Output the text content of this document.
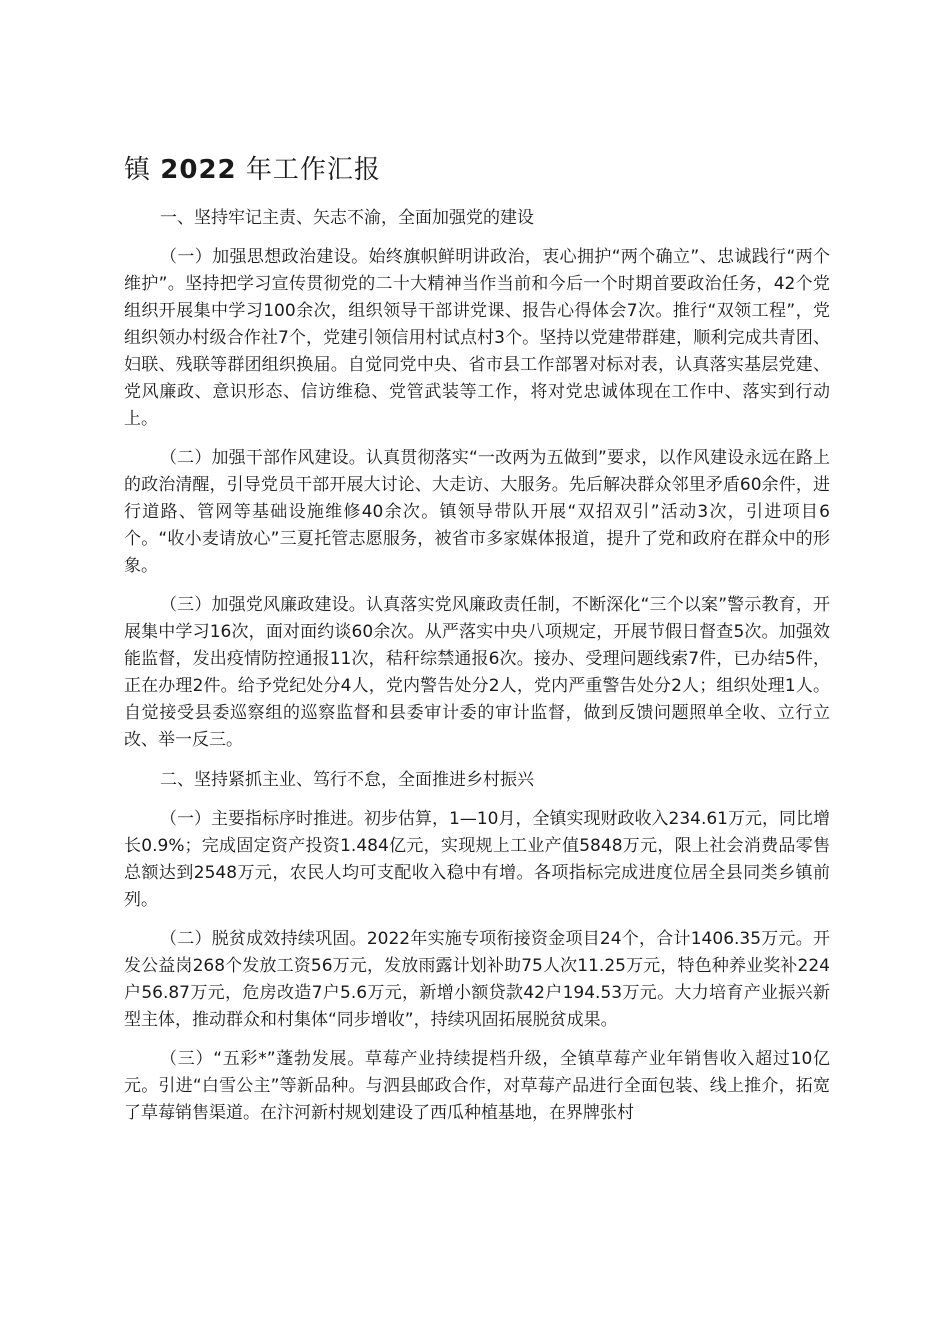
镇 2022 年工作汇报
一、坚持牢记主责、矢志不渝，全面加强党的建设

（一）加强思想政治建设。始终旗帜鲜明讲政治，衷心拥护“两个确立”、忠诚践行“两个维护”。坚持把学习宣传贯彻党的二十大精神当作当前和今后一个时期首要政治任务，42个党组织开展集中学习100余次，组织领导干部讲党课、报告心得体会7次。推行“双领工程”，党组织领办村级合作社7个，党建引领信用村试点村3个。坚持以党建带群建，顺利完成共青团、妇联、残联等群团组织换届。自觉同党中央、省市县工作部署对标对表，认真落实基层党建、党风廉政、意识形态、信访维稳、党管武装等工作，将对党忠诚体现在工作中、落实到行动上。

（二）加强干部作风建设。认真贯彻落实“一改两为五做到”要求，以作风建设永远在路上的政治清醒，引导党员干部开展大讨论、大走访、大服务。先后解决群众邻里矛盾60余件，进行道路、管网等基础设施维修40余次。镇领导带队开展“双招双引”活动3次，引进项目6个。“收小麦请放心”三夏托管志愿服务，被省市多家媒体报道，提升了党和政府在群众中的形象。

（三）加强党风廉政建设。认真落实党风廉政责任制，不断深化“三个以案”警示教育，开展集中学习16次，面对面约谈60余次。从严落实中央八项规定，开展节假日督查5次。加强效能监督，发出疫情防控通报11次，秸秆综禁通报6次。接办、受理问题线索7件，已办结5件，正在办理2件。给予党纪处分4人，党内警告处分2人，党内严重警告处分2人；组织处理1人。自觉接受县委巡察组的巡察监督和县委审计委的审计监督，做到反馈问题照单全收、立行立改、举一反三。

二、坚持紧抓主业、笃行不怠，全面推进乡村振兴

（一）主要指标序时推进。初步估算，1—10月，全镇实现财政收入234.61万元，同比增长0.9%；完成固定资产投资1.484亿元，实现规上工业产值5848万元，限上社会消费品零售总额达到2548万元，农民人均可支配收入稳中有增。各项指标完成进度位居全县同类乡镇前列。

（二）脱贫成效持续巩固。2022年实施专项衔接资金项目24个，合计1406.35万元。开发公益岗268个发放工资56万元，发放雨露计划补助75人次11.25万元，特色种养业奖补224户56.87万元，危房改造7户5.6万元，新增小额贷款42户194.53万元。大力培育产业振兴新型主体，推动群众和村集体“同步增收”，持续巩固拓展脱贫成果。

（三）“五彩*”蓬勃发展。草莓产业持续提档升级，全镇草莓产业年销售收入超过10亿元。引进“白雪公主”等新品种。与泗县邮政合作，对草莓产品进行全面包装、线上推介，拓宽了草莓销售渠道。在汴河新村规划建设了西瓜种植基地，在界牌张村
